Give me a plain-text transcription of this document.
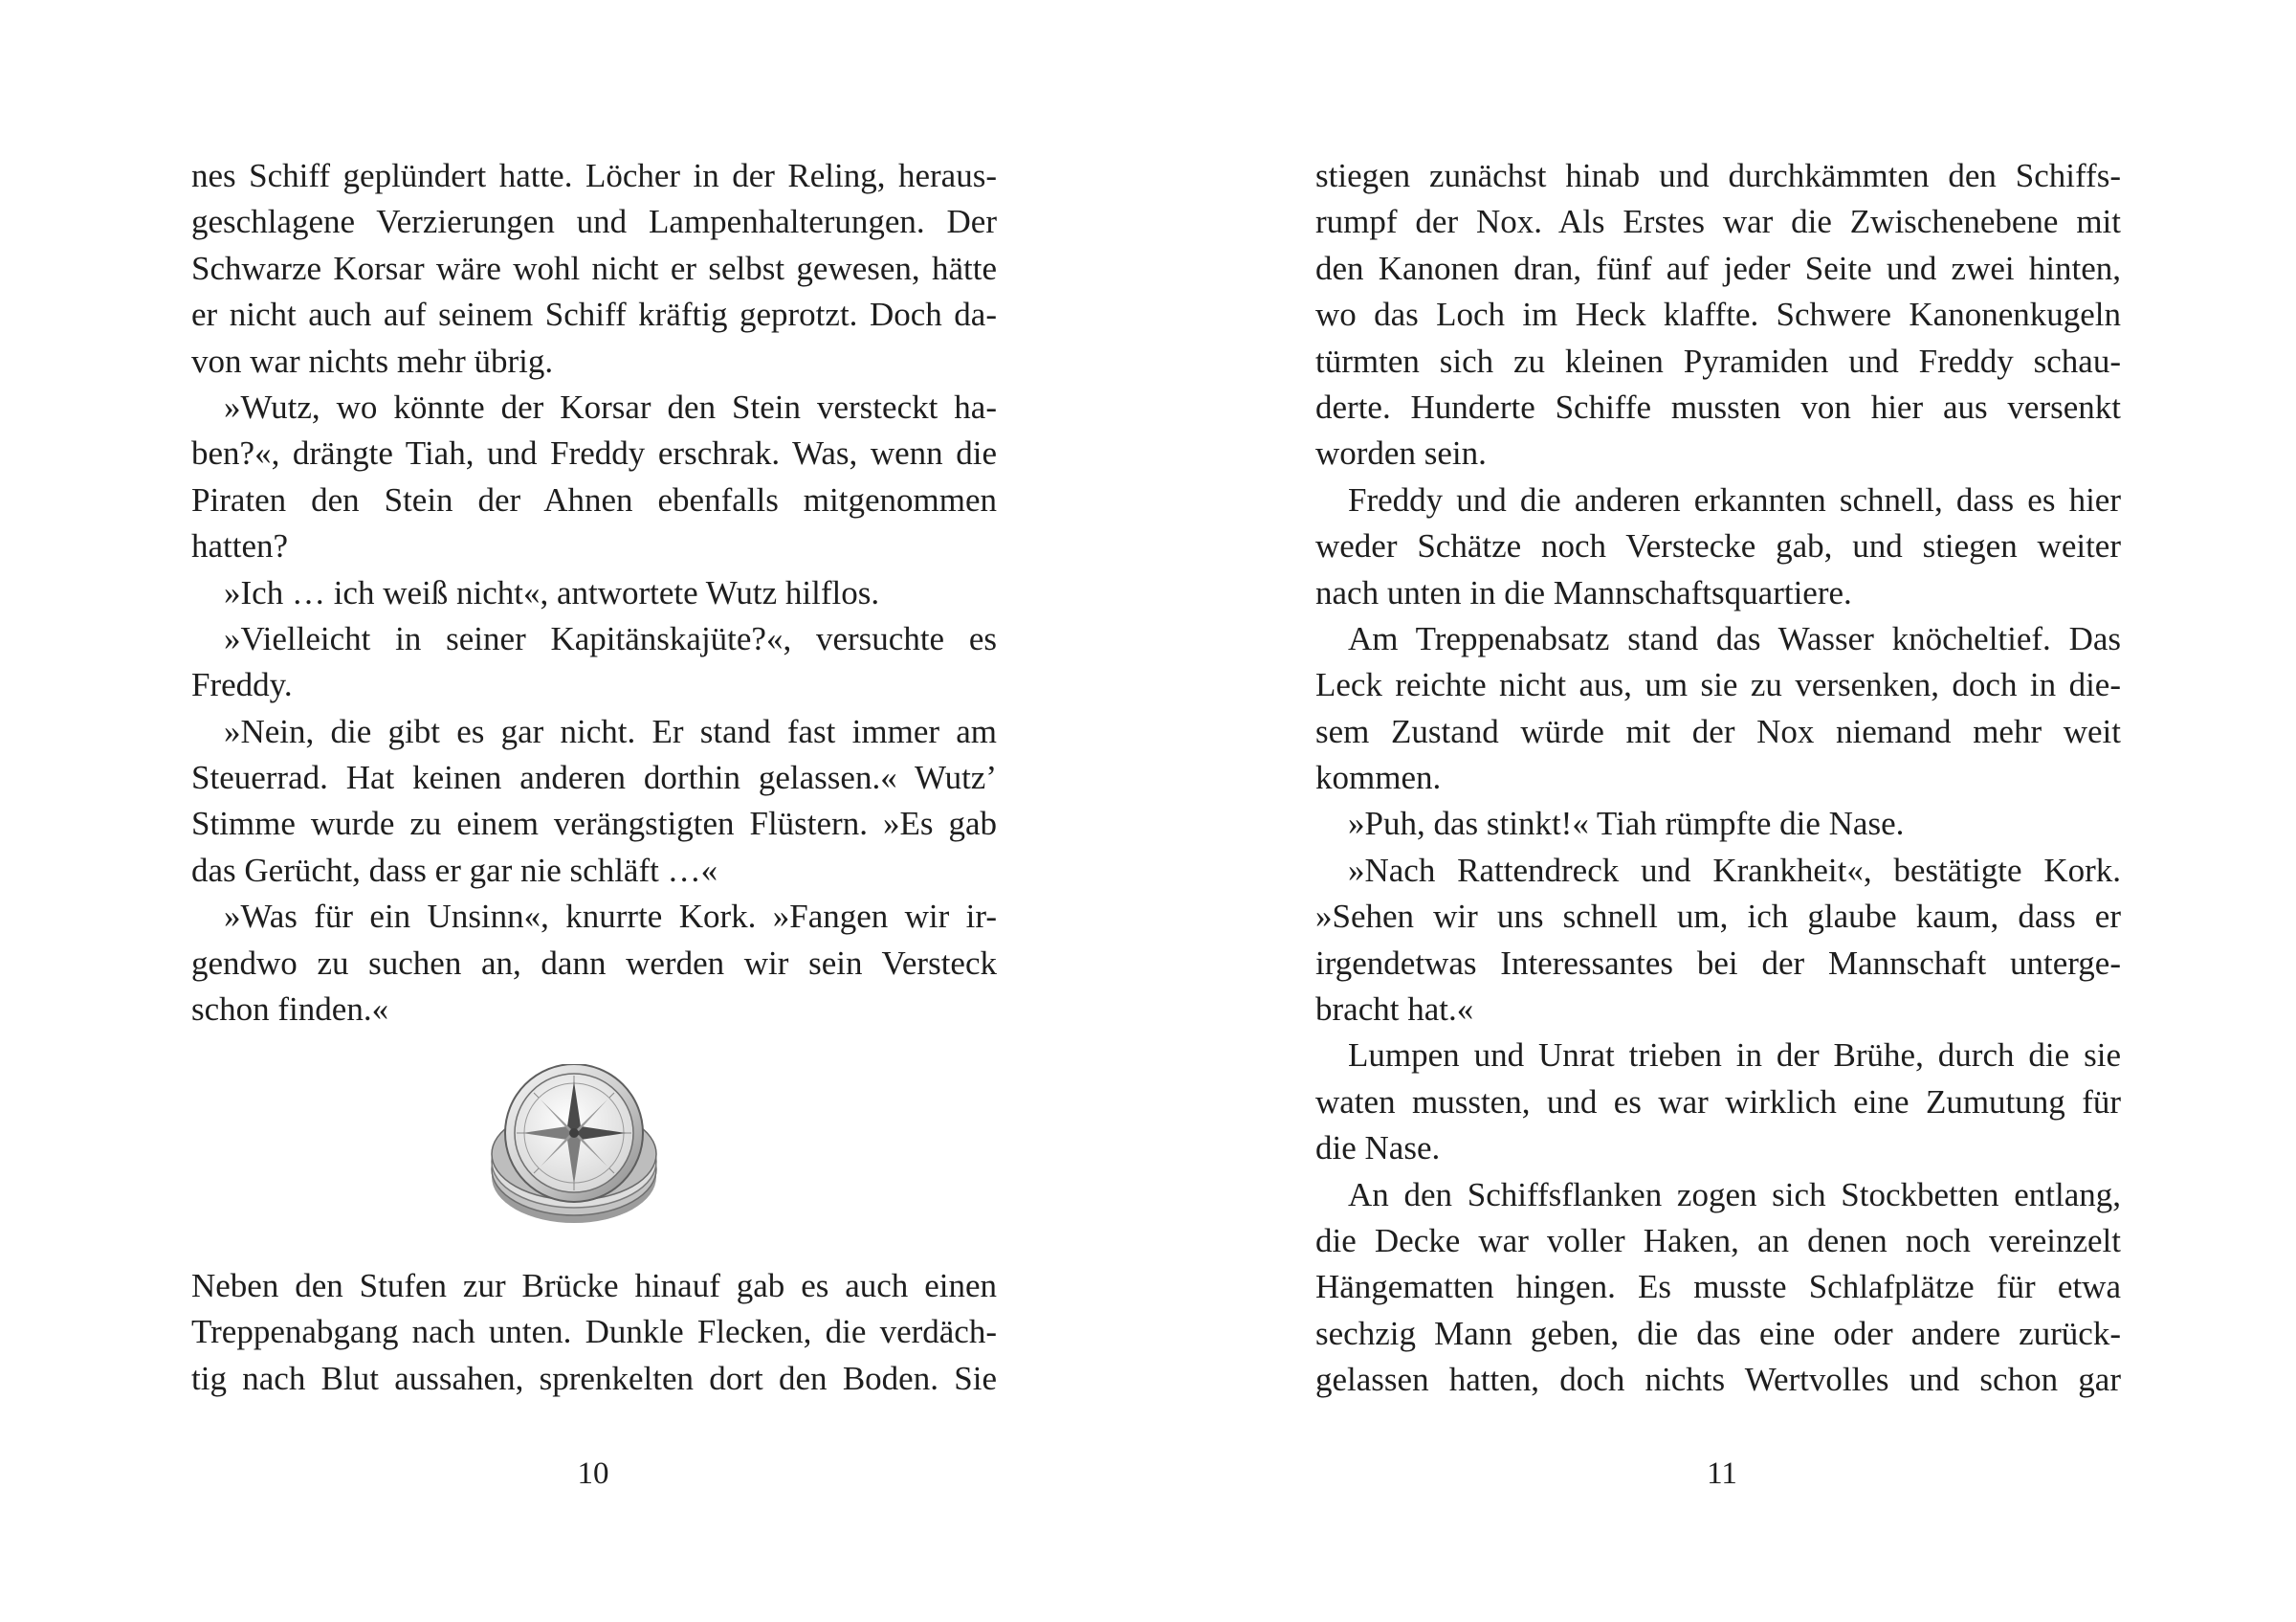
nes Schiff geplündert hatte. Löcher in der Reling, heraus-
geschlagene Verzierungen und Lampenhalterungen. Der
Schwarze Korsar wäre wohl nicht er selbst gewesen, hätte
er nicht auch auf seinem Schiff kräftig geprotzt. Doch da-
von war nichts mehr übrig.
»Wutz, wo könnte der Korsar den Stein versteckt ha-
ben?«, drängte Tiah, und Freddy erschrak. Was, wenn die
Piraten den Stein der Ahnen ebenfalls mitgenommen
hatten?
»Ich … ich weiß nicht«, antwortete Wutz hilflos.
»Vielleicht in seiner Kapitänskajüte?«, versuchte es
Freddy.
»Nein, die gibt es gar nicht. Er stand fast immer am
Steuerrad. Hat keinen anderen dorthin gelassen.« Wutz’
Stimme wurde zu einem verängstigten Flüstern. »Es gab
das Gerücht, dass er gar nie schläft …«
»Was für ein Unsinn«, knurrte Kork. »Fangen wir ir-
gendwo zu suchen an, dann werden wir sein Versteck
schon finden.«
Neben den Stufen zur Brücke hinauf gab es auch einen
Treppenabgang nach unten. Dunkle Flecken, die verdäch-
tig nach Blut aussahen, sprenkelten dort den Boden. Sie
10
stiegen zunächst hinab und durchkämmten den Schiffs-
rumpf der Nox. Als Erstes war die Zwischenebene mit
den Kanonen dran, fünf auf jeder Seite und zwei hinten,
wo das Loch im Heck klaffte. Schwere Kanonenkugeln
türmten sich zu kleinen Pyramiden und Freddy schau-
derte. Hunderte Schiffe mussten von hier aus versenkt
worden sein.
Freddy und die anderen erkannten schnell, dass es hier
weder Schätze noch Verstecke gab, und stiegen weiter
nach unten in die Mannschaftsquartiere.
Am Treppenabsatz stand das Wasser knöcheltief. Das
Leck reichte nicht aus, um sie zu versenken, doch in die-
sem Zustand würde mit der Nox niemand mehr weit
kommen.
»Puh, das stinkt!« Tiah rümpfte die Nase.
»Nach Rattendreck und Krankheit«, bestätigte Kork.
»Sehen wir uns schnell um, ich glaube kaum, dass er
irgendetwas Interessantes bei der Mannschaft unterge-
bracht hat.«
Lumpen und Unrat trieben in der Brühe, durch die sie
waten mussten, und es war wirklich eine Zumutung für
die Nase.
An den Schiffsflanken zogen sich Stockbetten entlang,
die Decke war voller Haken, an denen noch vereinzelt
Hängematten hingen. Es musste Schlafplätze für etwa
sechzig Mann geben, die das eine oder andere zurück-
gelassen hatten, doch nichts Wertvolles und schon gar
11
